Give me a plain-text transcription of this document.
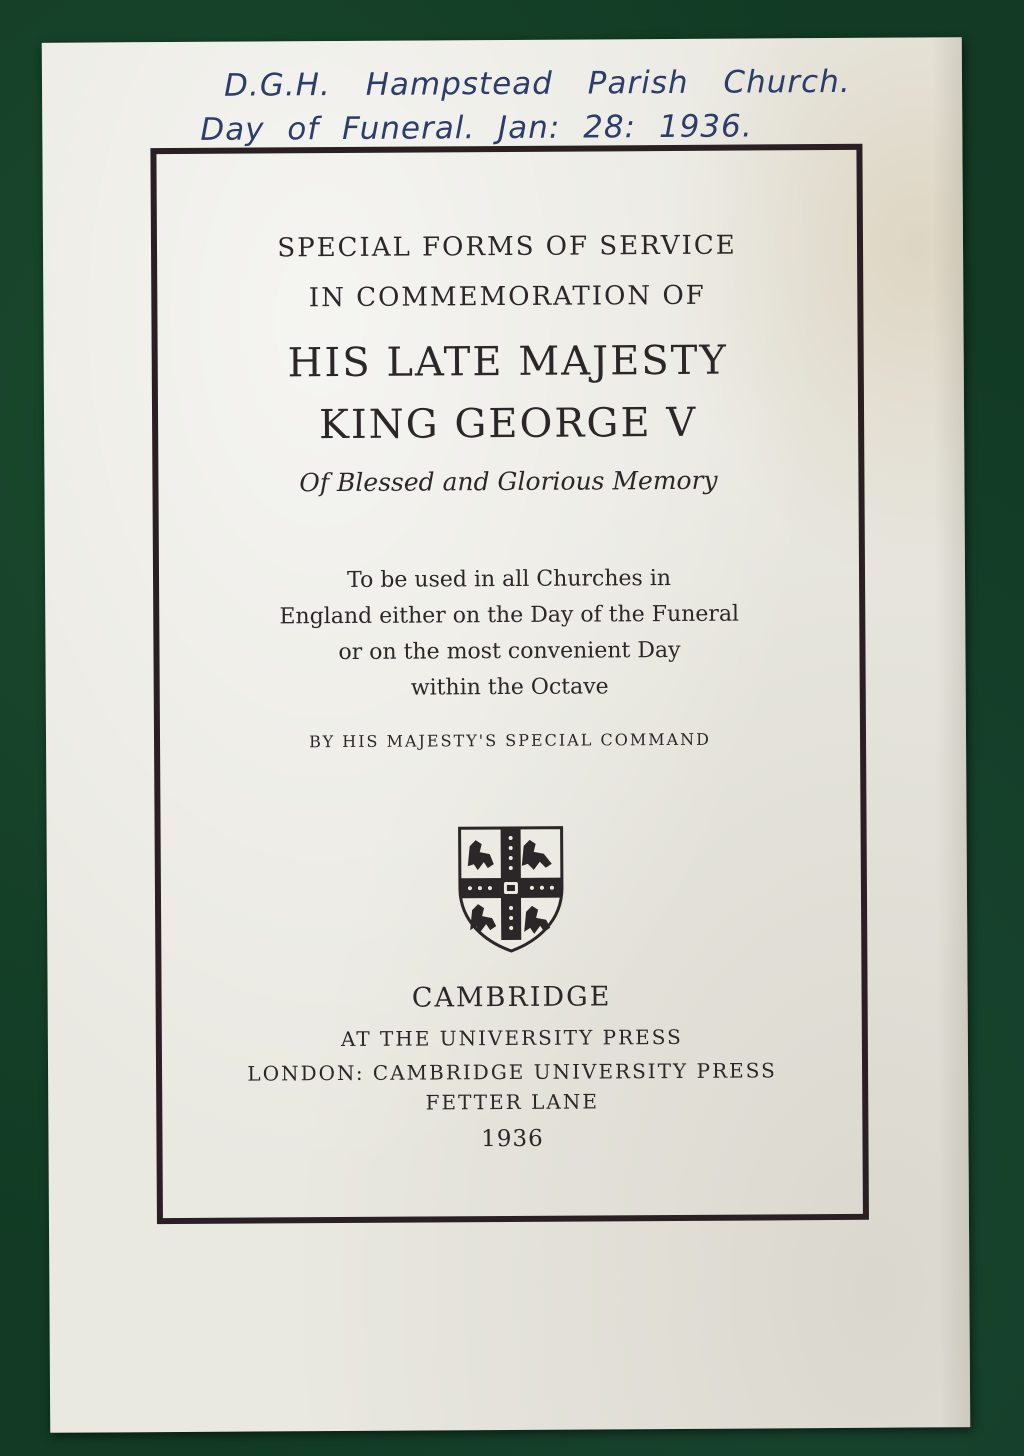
D.G.H. Hampstead Parish Church.
Day of Funeral. Jan: 28: 1936.
SPECIAL FORMS OF SERVICE
IN COMMEMORATION OF
HIS LATE MAJESTY
KING GEORGE V
Of Blessed and Glorious Memory
To be used in all Churches in
England either on the Day of the Funeral
or on the most convenient Day
within the Octave
BY HIS MAJESTY'S SPECIAL COMMAND
CAMBRIDGE
AT THE UNIVERSITY PRESS
LONDON: CAMBRIDGE UNIVERSITY PRESS
FETTER LANE
1936
